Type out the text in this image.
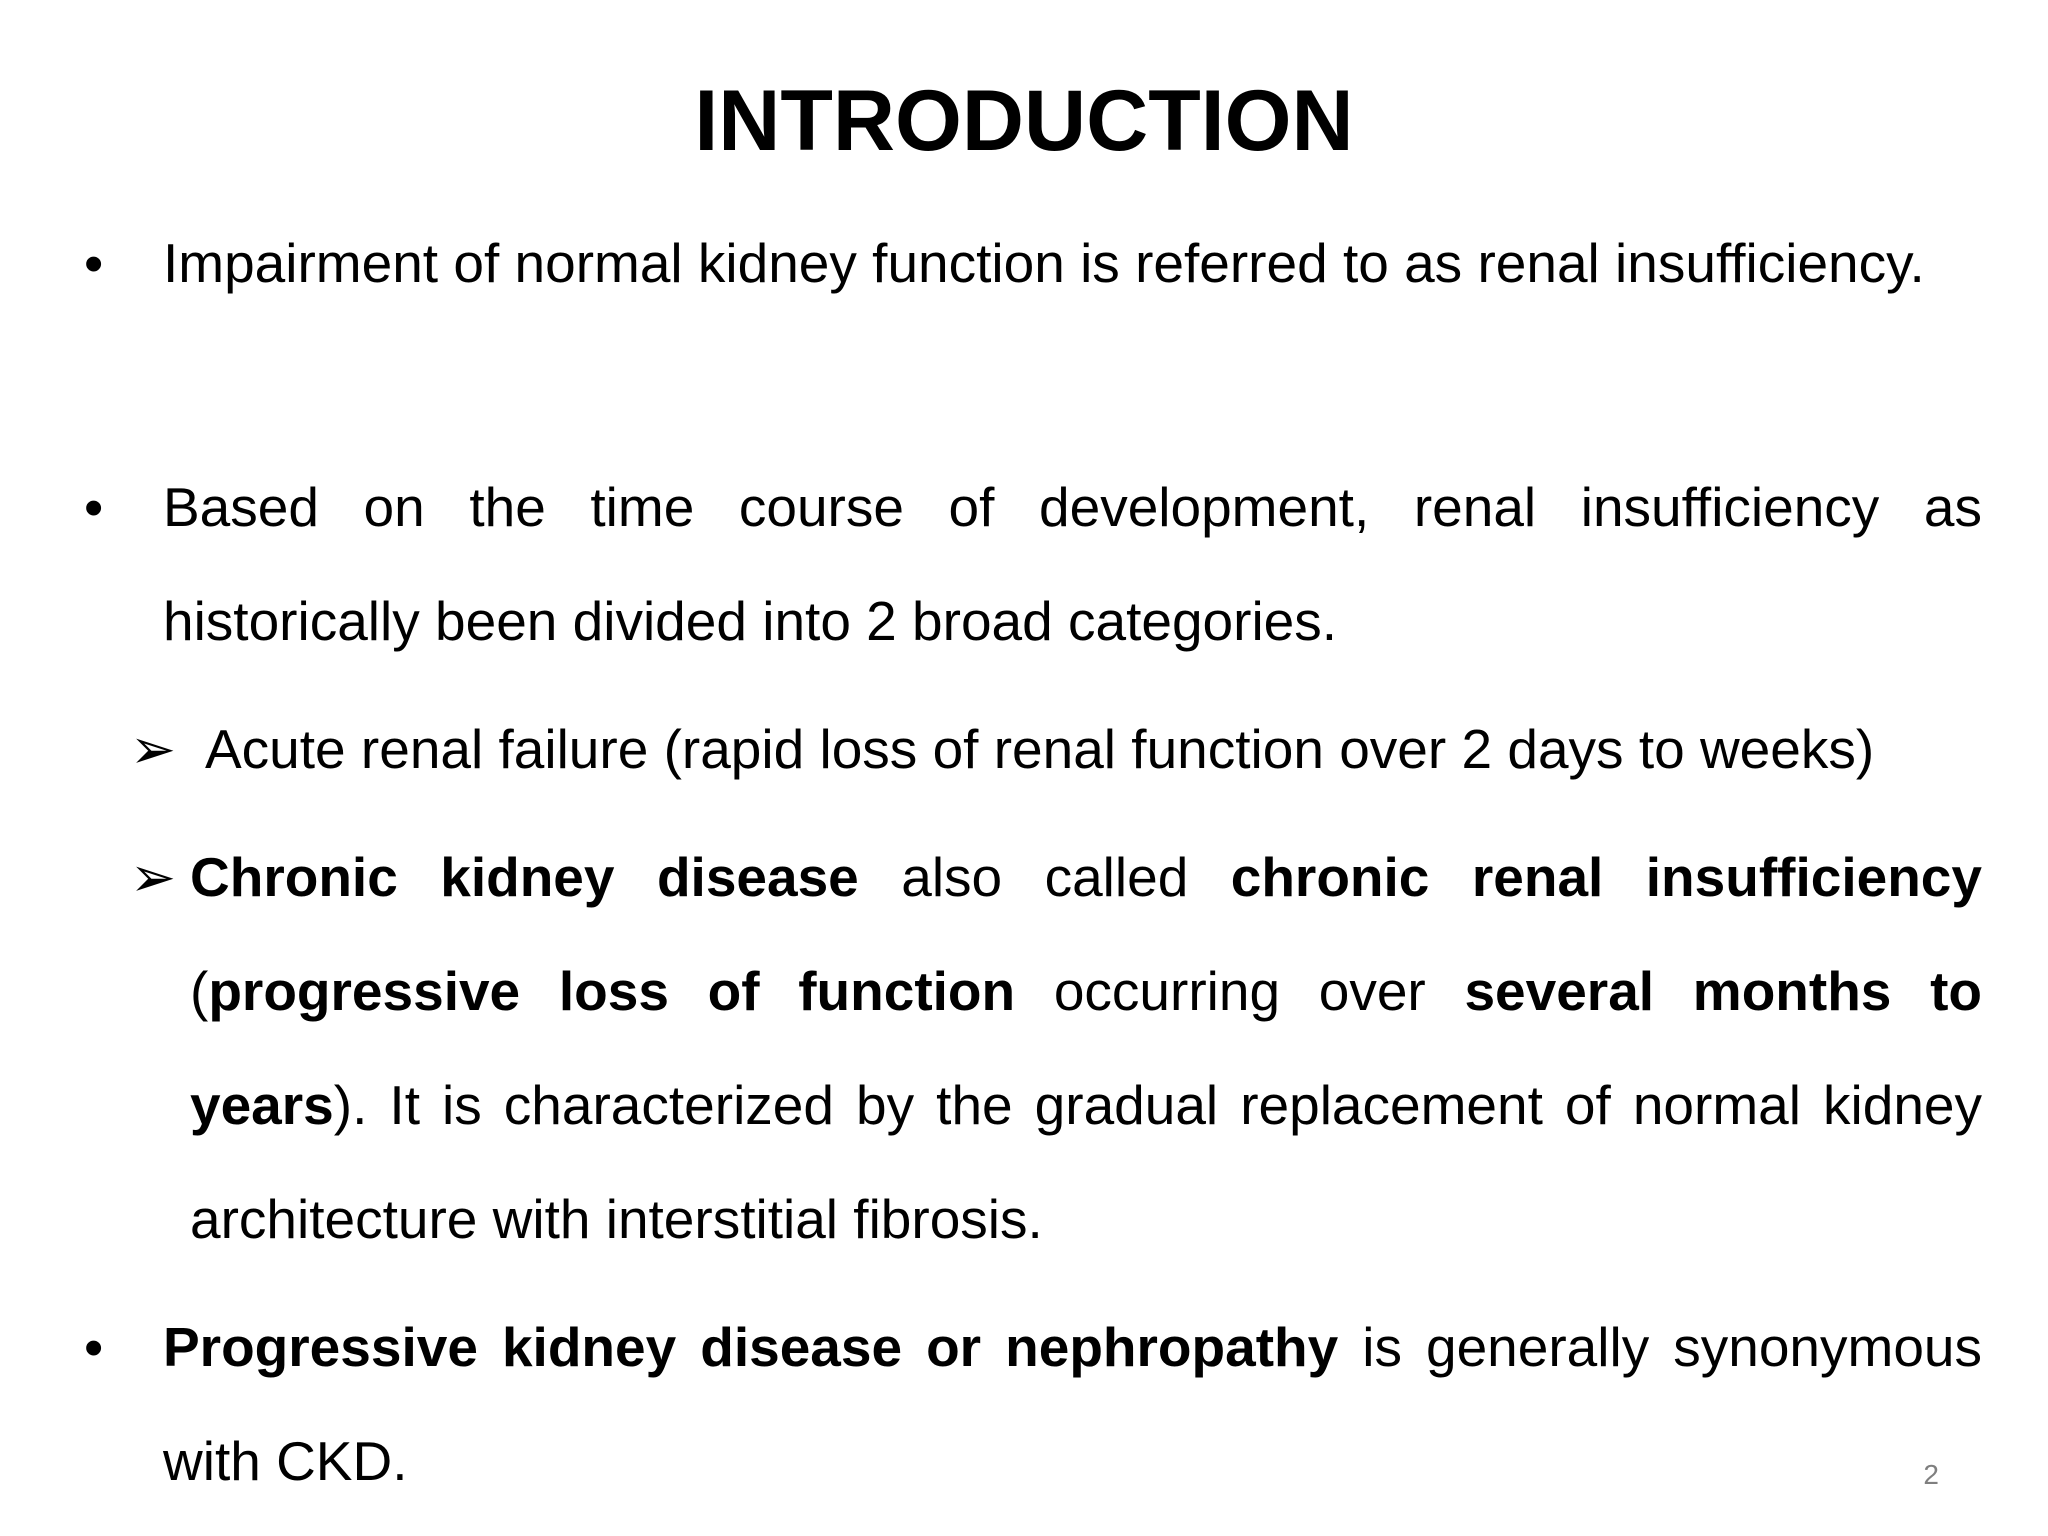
INTRODUCTION
• Impairment of normal kidney function is referred to as renal insufficiency.
• Based on the time course of development, renal insufficiency as historically been divided into 2 broad categories.
➢ Acute renal failure (rapid loss of renal function over 2 days to weeks)
➢ Chronic kidney disease also called chronic renal insufficiency (progressive loss of function occurring over several months to years). It is characterized by the gradual replacement of normal kidney architecture with interstitial fibrosis.
• Progressive kidney disease or nephropathy is generally synonymous with CKD.	2
